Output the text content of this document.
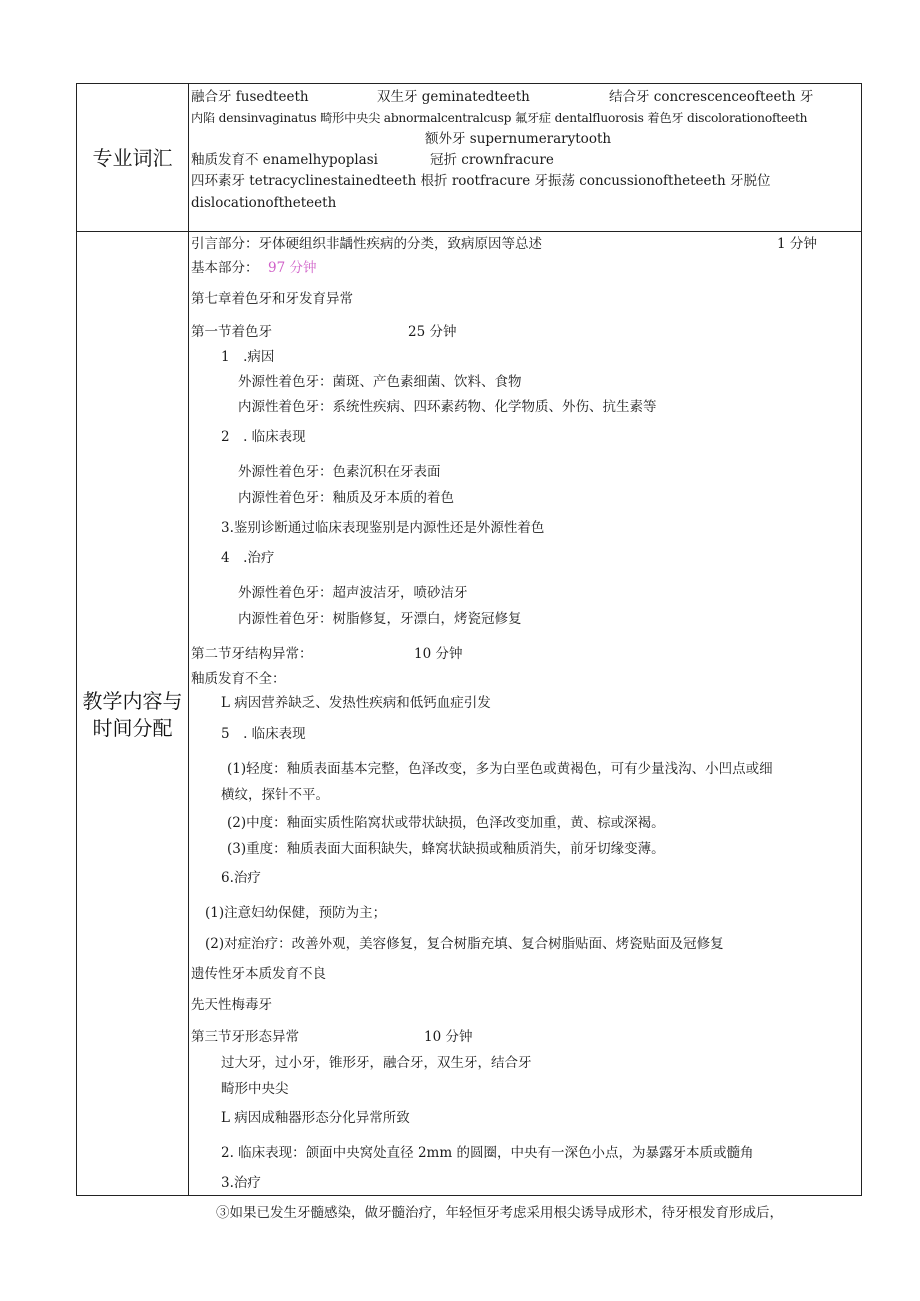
专业词汇
融合牙 fusedteeth	双生牙 geminatedteeth	结合牙 concrescenceofteeth 牙
内陷 densinvaginatus 畸形中央尖 abnormalcentralcusp 氟牙症 dentalfluorosis 着色牙 discolorationofteeth
额外牙 supernumerarytooth
釉质发育不 enamelhypoplasi	冠折 crownfracure
四环素牙 tetracyclinestainedteeth 根折 rootfracure 牙振荡 concussionoftheteeth 牙脱位
dislocationoftheteeth
教学内容与
时间分配
引言部分：牙体硬组织非龋性疾病的分类，致病原因等总述	1 分钟
基本部分： 97 分钟
第七章着色牙和牙发育异常
第一节着色牙	25 分钟
1　.病因
外源性着色牙：菌斑、产色素细菌、饮料、食物
内源性着色牙：系统性疾病、四环素药物、化学物质、外伤、抗生素等
2　. 临床表现
外源性着色牙：色素沉积在牙表面
内源性着色牙：釉质及牙本质的着色
3.鉴别诊断通过临床表现鉴别是内源性还是外源性着色
4　.治疗
外源性着色牙：超声波洁牙，喷砂洁牙
内源性着色牙：树脂修复，牙漂白，烤瓷冠修复
第二节牙结构异常：	10 分钟
釉质发育不全：
L 病因营养缺乏、发热性疾病和低钙血症引发
5　. 临床表现
(1)轻度：釉质表面基本完整，色泽改变，多为白垩色或黄褐色，可有少量浅沟、小凹点或细
横纹，探针不平。
(2)中度：釉面实质性陷窝状或带状缺损，色泽改变加重，黄、棕或深褐。
(3)重度：釉质表面大面积缺失，蜂窝状缺损或釉质消失，前牙切缘变薄。
6.治疗
(1)注意妇幼保健，预防为主；
(2)对症治疗：改善外观，美容修复，复合树脂充填、复合树脂贴面、烤瓷贴面及冠修复
遗传性牙本质发育不良
先天性梅毒牙
第三节牙形态异常	10 分钟
过大牙，过小牙，锥形牙，融合牙，双生牙，结合牙
畸形中央尖
L 病因成釉器形态分化异常所致
2. 临床表现：颌面中央窝处直径 2mm 的圆圈，中央有一深色小点，为暴露牙本质或髓角
3.治疗
③如果已发生牙髓感染，做牙髓治疗，年轻恒牙考虑采用根尖诱导成形术，待牙根发育形成后，
